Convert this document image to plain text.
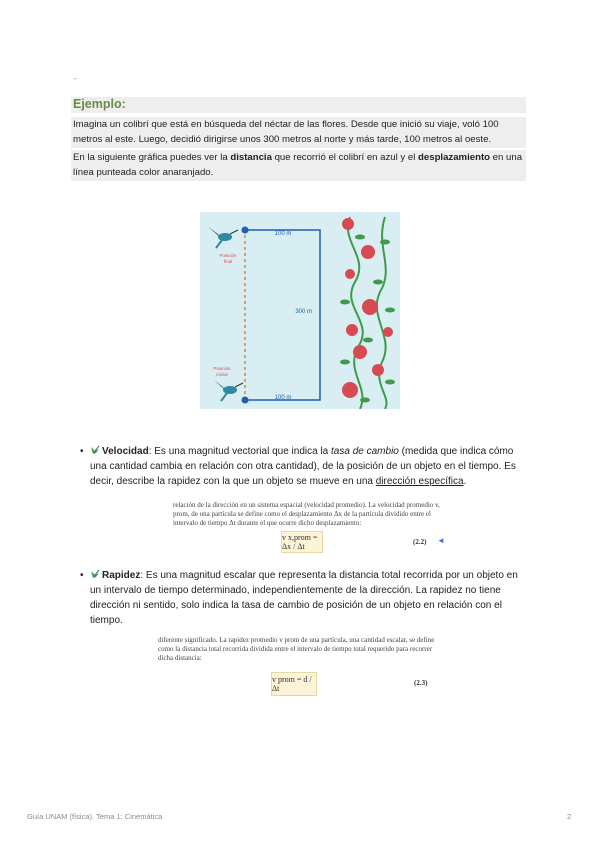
-
Ejemplo:
Imagina un colibrí que está en búsqueda del néctar de las flores. Desde que inició su viaje, voló 100 metros al este. Luego, decidió dirigirse unos 300 metros al norte y más tarde, 100 metros al oeste.
En la siguiente gráfica puedes ver la distancia que recorrió el colibrí en azul y el desplazamiento en una línea punteada color anaranjado.
100 m
300 m
100 m
Posición
final
Posición
inicial
•	Velocidad: Es una magnitud vectorial que indica la tasa de cambio (medida que indica cómo una cantidad cambia en relación con otra cantidad), de la posición de un objeto en el tiempo. Es decir, describe la rapidez con la que un objeto se mueve en una dirección específica.
relación de la dirección en un sistema espacial (velocidad promedio). La velocidad promedio v, prom, de una partícula se define como el desplazamiento Δx de la partícula dividido entre el intervalo de tiempo Δt durante el que ocurre dicho desplazamiento:
v x,prom = Δx / Δt	(2.2) ◄
•	Rapidez: Es una magnitud escalar que representa la distancia total recorrida por un objeto en un intervalo de tiempo determinado, independientemente de la dirección. La rapidez no tiene dirección ni sentido, solo indica la tasa de cambio de posición de un objeto en relación con el tiempo.
diferente significado. La rapidez promedio v prom de una partícula, una cantidad escalar, se define como la distancia total recorrida dividida entre el intervalo de tiempo total requerido para recorrer dicha distancia:
v prom = d / Δt
(2.3)
Guía UNAM (física). Tema 1: Cinemática	2
